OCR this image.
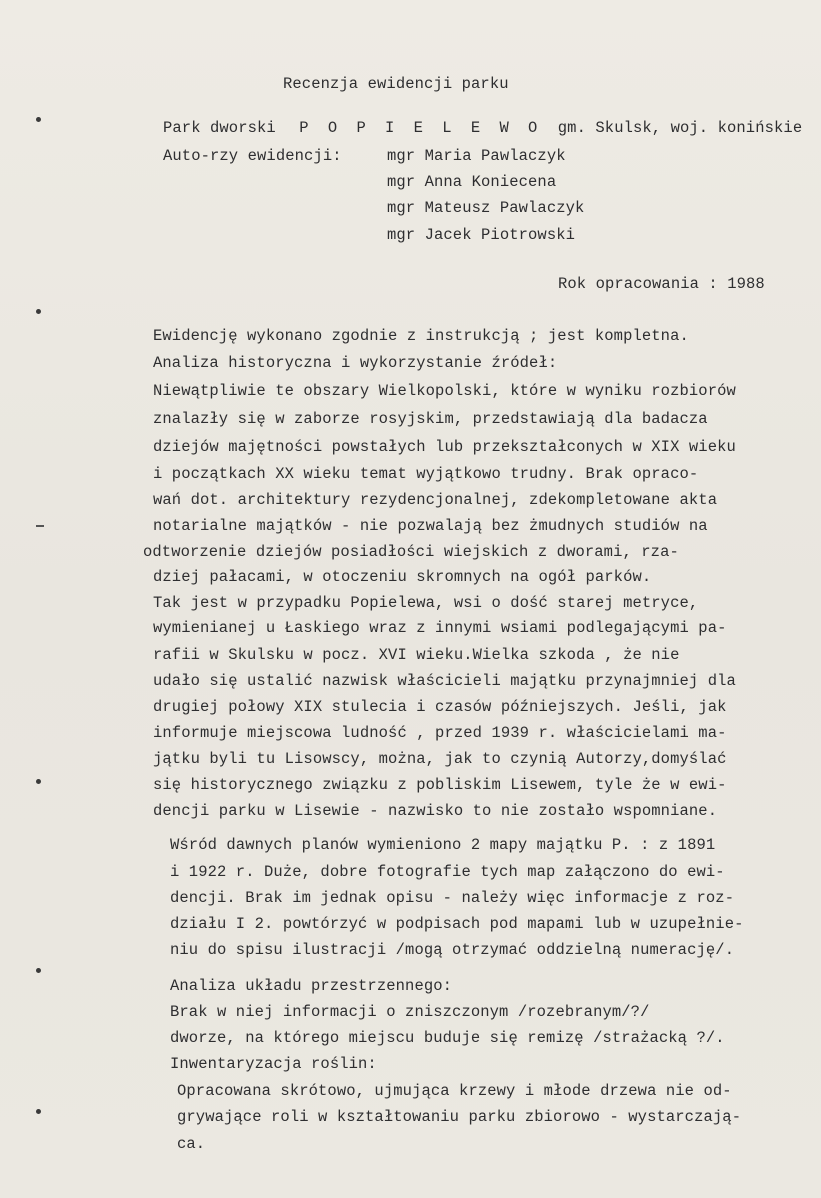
Recenzja ewidencji parku
Park dworski P O P I E L E W O gm. Skulsk, woj. konińskie
Auto-rzy ewidencji:	mgr Maria Pawlaczyk
mgr Anna Koniecena
mgr Mateusz Pawlaczyk
mgr Jacek Piotrowski
Rok opracowania : 1988
Ewidencję wykonano zgodnie z instrukcją ; jest kompletna.
Analiza historyczna i wykorzystanie źródeł:
Niewątpliwie te obszary Wielkopolski, które w wyniku rozbiorów
znalazły się w zaborze rosyjskim, przedstawiają dla badacza
dziejów majętności powstałych lub przekształconych w XIX wieku
i początkach XX wieku temat wyjątkowo trudny. Brak opraco-
wań dot. architektury rezydencjonalnej, zdekompletowane akta
notarialne majątków - nie pozwalają bez żmudnych studiów na
odtworzenie dziejów posiadłości wiejskich z dworami, rza-
dziej pałacami, w otoczeniu skromnych na ogół parków.
Tak jest w przypadku Popielewa, wsi o dość starej metryce,
wymienianej u Łaskiego wraz z innymi wsiami podlegającymi pa-
rafii w Skulsku w pocz. XVI wieku.Wielka szkoda , że nie
udało się ustalić nazwisk właścicieli majątku przynajmniej dla
drugiej połowy XIX stulecia i czasów późniejszych. Jeśli, jak
informuje miejscowa ludność , przed 1939 r. właścicielami ma-
jątku byli tu Lisowscy, można, jak to czynią Autorzy,domyślać
się historycznego związku z pobliskim Lisewem, tyle że w ewi-
dencji parku w Lisewie - nazwisko to nie zostało wspomniane.
Wśród dawnych planów wymieniono 2 mapy majątku P. : z 1891
i 1922 r. Duże, dobre fotografie tych map załączono do ewi-
dencji. Brak im jednak opisu - należy więc informacje z roz-
działu I 2. powtórzyć w podpisach pod mapami lub w uzupełnie-
niu do spisu ilustracji /mogą otrzymać oddzielną numerację/.
Analiza układu przestrzennego:
Brak w niej informacji o zniszczonym /rozebranym/?/
dworze, na którego miejscu buduje się remizę /strażacką ?/.
Inwentaryzacja roślin:
Opracowana skrótowo, ujmująca krzewy i młode drzewa nie od-
grywające roli w kształtowaniu parku zbiorowo - wystarczają-
ca.
